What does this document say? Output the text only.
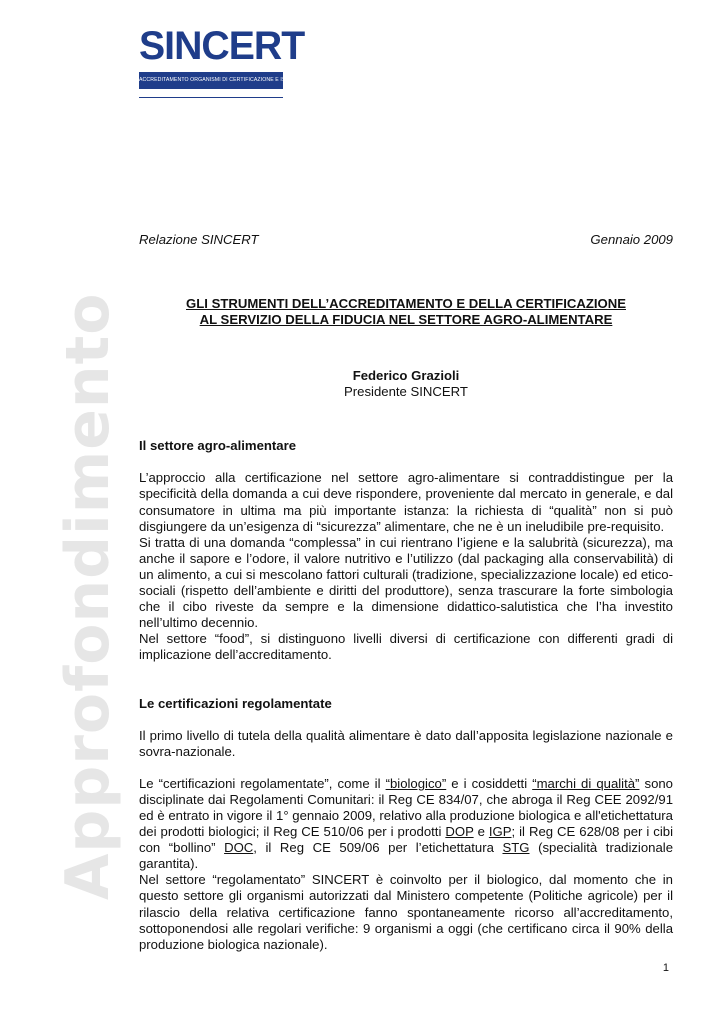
SINCERT
ACCREDITAMENTO ORGANISMI DI CERTIFICAZIONE E ISPEZIONE
Approfondimento
Relazione SINCERT	Gennaio 2009
GLI STRUMENTI DELL’ACCREDITAMENTO E DELLA CERTIFICAZIONE
AL SERVIZIO DELLA FIDUCIA NEL SETTORE AGRO-ALIMENTARE
Federico Grazioli
Presidente SINCERT
Il settore agro-alimentare
L’approccio alla certificazione nel settore agro-alimentare si contraddistingue per la specificità della domanda a cui deve rispondere, proveniente dal mercato in generale, e dal consumatore in ultima ma più importante istanza: la richiesta di “qualità” non si può disgiungere da un’esigenza di “sicurezza” alimentare, che ne è un ineludibile pre-requisito.
Si tratta di una domanda “complessa” in cui rientrano l’igiene e la salubrità (sicurezza), ma anche il sapore e l’odore, il valore nutritivo e l’utilizzo (dal packaging alla conservabilità) di un alimento, a cui si mescolano fattori culturali (tradizione, specializzazione locale) ed etico-sociali (rispetto dell’ambiente e diritti del produttore), senza trascurare la forte simbologia che il cibo riveste da sempre e la dimensione didattico-salutistica che l’ha investito nell’ultimo decennio.
Nel settore “food”, si distinguono livelli diversi di certificazione con differenti gradi di implicazione dell’accreditamento.
Le certificazioni regolamentate
Il primo livello di tutela della qualità alimentare è dato dall’apposita legislazione nazionale e sovra-nazionale.
Le “certificazioni regolamentate”, come il “biologico” e i cosiddetti “marchi di qualità” sono disciplinate dai Regolamenti Comunitari: il Reg CE 834/07, che abroga il Reg CEE 2092/91 ed è entrato in vigore il 1° gennaio 2009, relativo alla produzione biologica e all'etichettatura dei prodotti biologici; il Reg CE 510/06 per i prodotti DOP e IGP; il Reg CE 628/08 per i cibi con “bollino” DOC, il Reg CE 509/06 per l’etichettatura STG (specialità tradizionale garantita).
Nel settore “regolamentato” SINCERT è coinvolto per il biologico, dal momento che in questo settore gli organismi autorizzati dal Ministero competente (Politiche agricole) per il rilascio della relativa certificazione fanno spontaneamente ricorso all’accreditamento, sottoponendosi alle regolari verifiche: 9 organismi a oggi (che certificano circa il 90% della produzione biologica nazionale).
1
